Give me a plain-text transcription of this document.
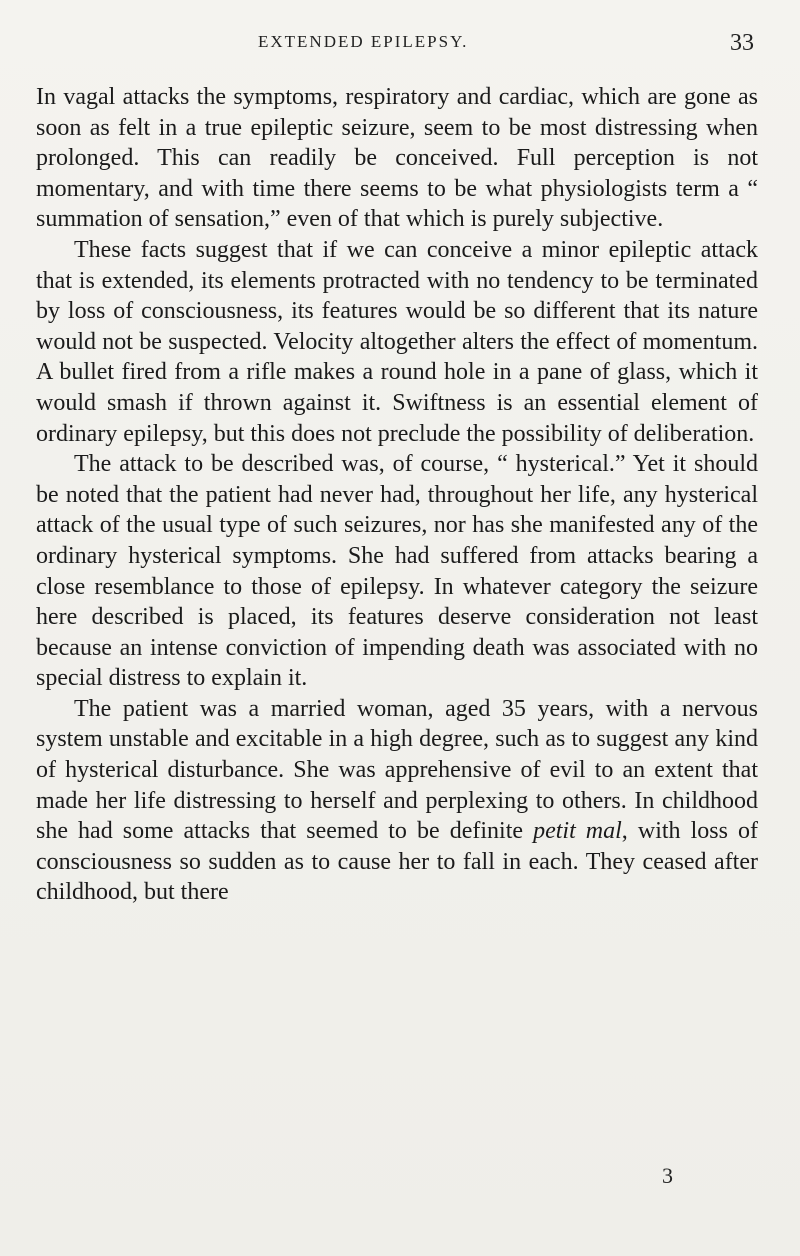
EXTENDED EPILEPSY.	33

In vagal attacks the symptoms, respiratory and cardiac, which are gone as soon as felt in a true epileptic seizure, seem to be most distressing when prolonged. This can readily be conceived. Full perception is not momentary, and with time there seems to be what physiologists term a “ summation of sensation,” even of that which is purely subjective.

These facts suggest that if we can conceive a minor epileptic attack that is extended, its elements protracted with no tendency to be terminated by loss of consciousness, its features would be so different that its nature would not be suspected. Velocity altogether alters the effect of momentum. A bullet fired from a rifle makes a round hole in a pane of glass, which it would smash if thrown against it. Swiftness is an essential element of ordinary epilepsy, but this does not preclude the possibility of deliberation.

The attack to be described was, of course, “ hysterical.” Yet it should be noted that the patient had never had, throughout her life, any hysterical attack of the usual type of such seizures, nor has she manifested any of the ordinary hysterical symptoms. She had suffered from attacks bearing a close resemblance to those of epilepsy. In whatever category the seizure here described is placed, its features deserve consideration not least because an intense conviction of impending death was associated with no special distress to explain it.

The patient was a married woman, aged 35 years, with a nervous system unstable and excitable in a high degree, such as to suggest any kind of hysterical disturbance. She was apprehensive of evil to an extent that made her life distressing to herself and perplexing to others. In childhood she had some attacks that seemed to be definite petit mal, with loss of consciousness so sudden as to cause her to fall in each. They ceased after childhood, but there

3
